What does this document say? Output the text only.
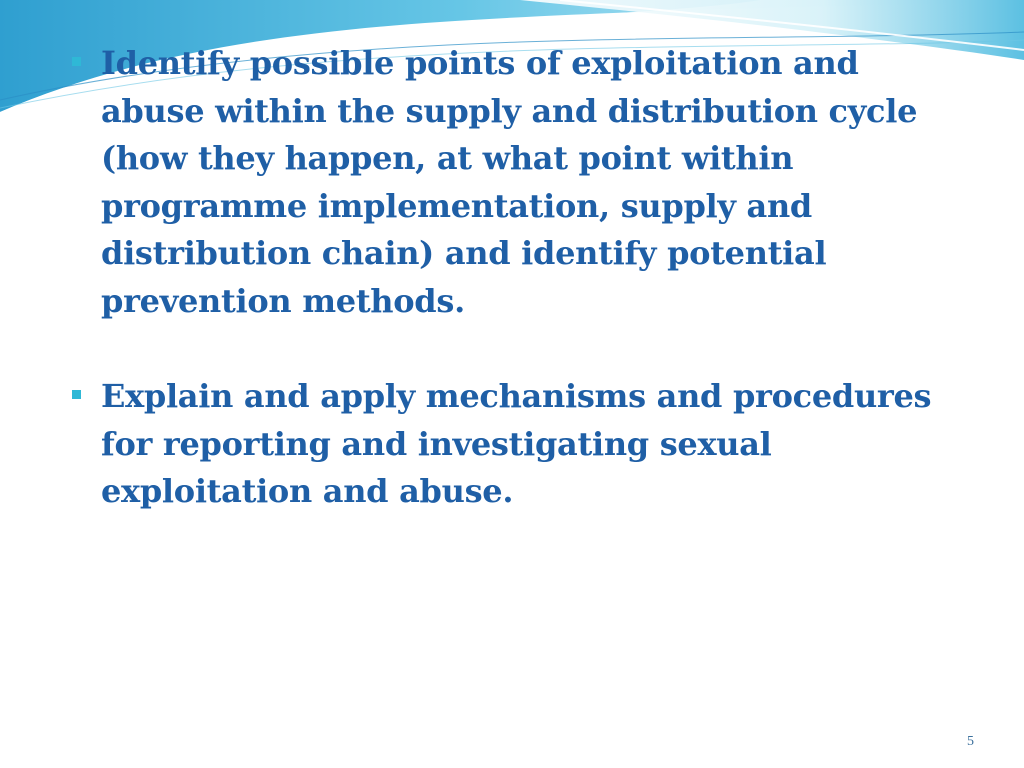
Identify possible points of exploitation and abuse within the supply and distribution cycle (how they happen, at what point within programme implementation, supply and distribution chain) and identify potential prevention methods.
Explain and apply mechanisms and procedures for reporting and investigating sexual exploitation and abuse.
5
